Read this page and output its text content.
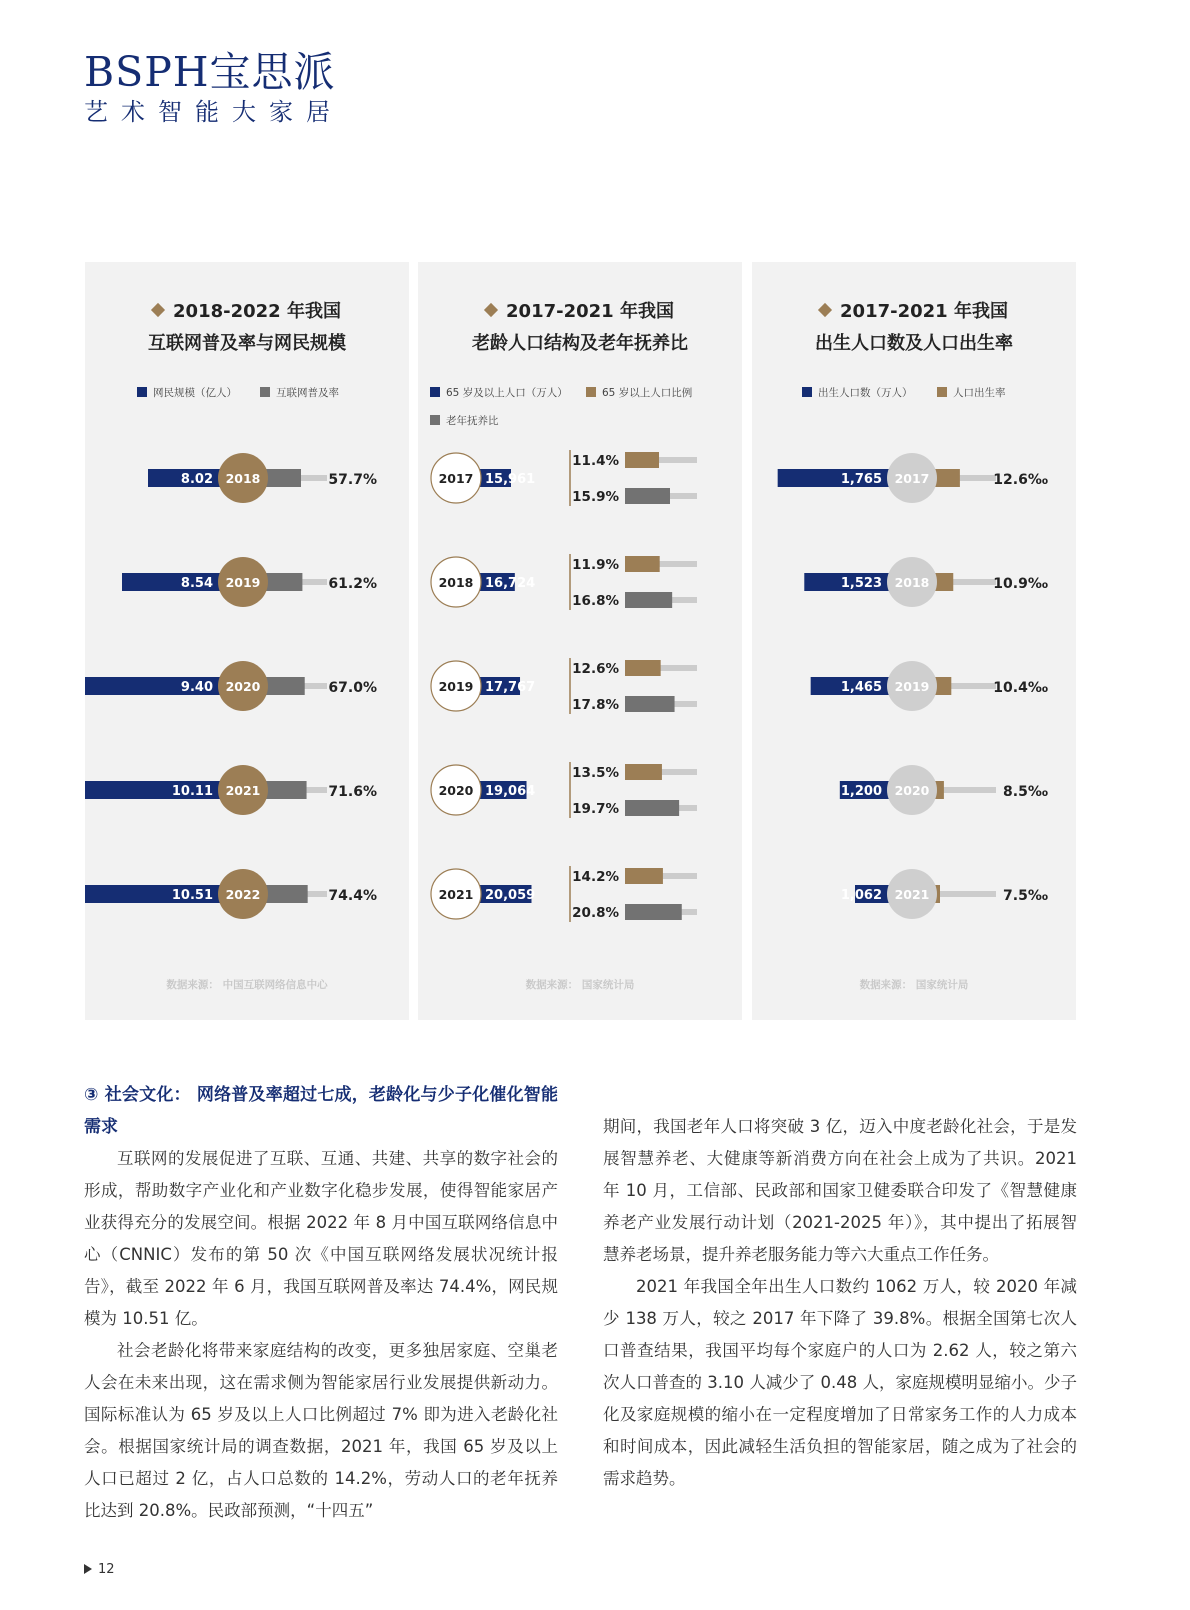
BSPH宝思派
艺术智能大家居
2018-2022 年我国
互联网普及率与网民规模
网民规模（亿人）	互联网普及率
数据来源： 中国互联网络信息中心
8.02 2018	57.7%
8.54 2019	61.2%
9.40 2020	67.0%
10.11 2021	71.6%
10.51 2022	74.4%
2017-2021 年我国
老龄人口结构及老年抚养比
65 岁及以上人口（万人）	65 岁以上人口比例
老年抚养比
数据来源： 国家统计局
2017 15,961
11.4%
15.9%
2018 16,724
11.9%
16.8%
2019 17,767
12.6%
17.8%
2020 19,064
13.5%
19.7%
2021 20,059
14.2%
20.8%
2017-2021 年我国
出生人口数及人口出生率
出生人口数（万人）	人口出生率
数据来源： 国家统计局
1,765 2017	12.6‰
1,523 2018	10.9‰
1,465 2019	10.4‰
1,200 2020	8.5‰
1,062 2021	7.5‰
③ 社会文化： 网络普及率超过七成，老龄化与少子化催化智能需求

互联网的发展促进了互联、互通、共建、共享的数字社会的形成，帮助数字产业化和产业数字化稳步发展，使得智能家居产业获得充分的发展空间。根据 2022 年 8 月中国互联网络信息中心（CNNIC）发布的第 50 次《中国互联网络发展状况统计报告》，截至 2022 年 6 月，我国互联网普及率达 74.4%，网民规模为 10.51 亿。

社会老龄化将带来家庭结构的改变，更多独居家庭、空巢老人会在未来出现，这在需求侧为智能家居行业发展提供新动力。国际标准认为 65 岁及以上人口比例超过 7% 即为进入老龄化社会。根据国家统计局的调查数据，2021 年，我国 65 岁及以上人口已超过 2 亿，占人口总数的 14.2%，劳动人口的老年抚养比达到 20.8%。民政部预测，“十四五”

期间，我国老年人口将突破 3 亿，迈入中度老龄化社会，于是发展智慧养老、大健康等新消费方向在社会上成为了共识。2021 年 10 月，工信部、民政部和国家卫健委联合印发了《智慧健康养老产业发展行动计划（2021-2025 年）》，其中提出了拓展智慧养老场景，提升养老服务能力等六大重点工作任务。

2021 年我国全年出生人口数约 1062 万人，较 2020 年减少 138 万人，较之 2017 年下降了 39.8%。根据全国第七次人口普查结果，我国平均每个家庭户的人口为 2.62 人，较之第六次人口普查的 3.10 人减少了 0.48 人，家庭规模明显缩小。少子化及家庭规模的缩小在一定程度增加了日常家务工作的人力成本和时间成本，因此减轻生活负担的智能家居，随之成为了社会的需求趋势。

12
